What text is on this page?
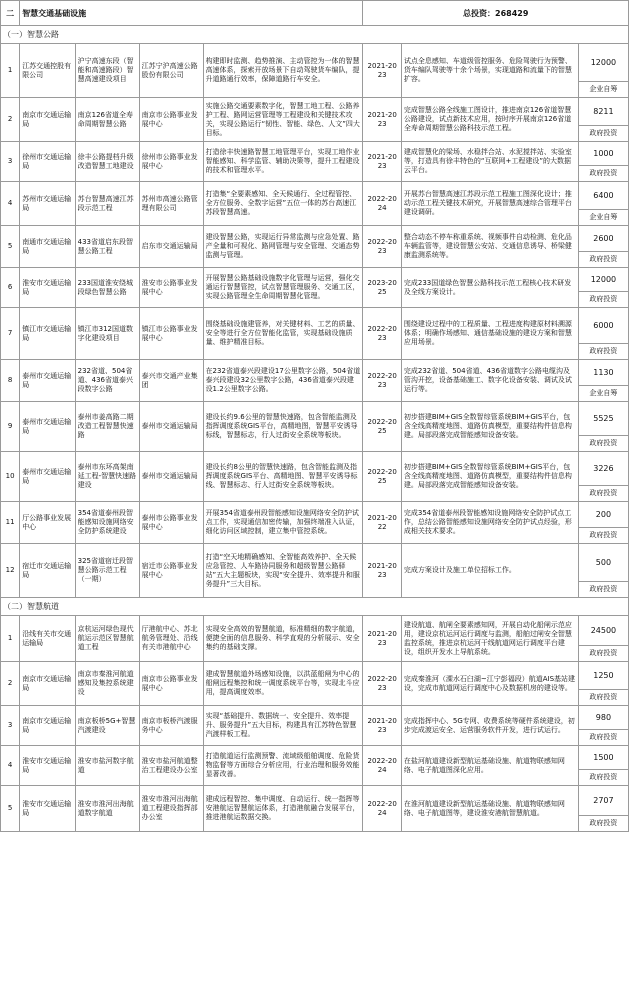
二	智慧交通基础设施				总投资：268429		
（一）智慧公路							
1	江苏交通控股有限公司	沪宁高速东段（智能和高速路段）智慧高速建设项目	江苏宁沪高速公路股份有限公司	构建即时监测、趋势推演、主动管控为一体的智慧高速体系，探索开放场景下自动驾驶货车编队，提升道路通行效率，保障道路行车安全。	2021-2023	试点全息感知、车道级管控服务、危险驾驶行为预警、货车编队驾驶等十余个场景，实现道路和流量下的智慧扩容。	12000
企业自筹

2	南京市交通运输局	南京126省道全寿命周期智慧公路	南京市公路事业发展中心	实施公路交通要素数字化，智慧工地工程、公路养护工程、路网运营管理等工程建设和关键技术攻关，实现公路运行“韧性、智能、绿色、人文”四大目标。	2021-2023	完成智慧公路全线施工图设计，推进南京126省道智慧公路建设，试点新技术应用，按时序开展南京126省道全寿命周期智慧公路科技示范工程。	8211
政府投资

3	徐州市交通运输局	徐丰公路提档升级改造智慧工地建设	徐州市公路事业发展中心	打造徐丰快速路智慧工地管理平台，实现工地作业智能感知、科学监管、辅助决策等，提升工程建设的技术和管理水平。	2021-2023	建成智慧化的梁场、水稳拌合站、水泥搅拌站、实验室等，打造具有徐丰特色的“互联网+工程建设”的大数据云平台。	1000
政府投资

4	苏州市交通运输局	苏台智慧高速江苏段示范工程	苏州市高速公路管理有限公司	打造集“全要素感知、全天候通行、全过程管控、全方位服务、全数字运营”五位一体的苏台高速江苏段智慧高速。	2022-2024	开展苏台智慧高速江苏段示范工程施工图深化设计；推动示范工程关键技术研究，开展智慧高速综合管理平台建设调研。	6400
企业自筹

5	南通市交通运输局	433省道启东段智慧公路工程	启东市交通运输局	建设智慧公路，实现运行异常监测与应急处置、路产全量和可视化、路网管理与安全管理、交通态势监测与管理。	2022-2023	整合动态不停车称重系统、视频事件自动检测、危化品车辆监管等，建设智慧公安站、交通信息诱导、桥梁健康监测系统等。	2600
政府投资

6	淮安市交通运输局	233国道淮安绕城段绿色智慧公路	淮安市公路事业发展中心	开展智慧公路基础设施数字化管理与运营，强化交通运行智慧管控，试点智慧管理服务、交通工区，实现公路管理全生命周期智慧化管理。	2023-2025	完成233国道绿色智慧公路科技示范工程核心技术研发及全线方案设计。	12000
政府投资

7	镇江市交通运输局	镇江市312国道数字化建设项目	镇江市公路事业发展中心	围绕基础设施建管养，对关键材料、工艺的质量、安全等进行全方位智能化监管，实现基础设施质量、维护精准目标。	2022-2023	围绕建设过程中的工程质量、工程进度构建原材料溯源体系；明确作场感知、通信基础设施的建设方案和智慧应用场景。	6000
政府投资

8	泰州市交通运输局	232省道、504省道、436省道泰兴段数字公路	泰兴市交通产业集团	在232省道泰兴段建设17公里数字公路，504省道泰兴段建设32公里数字公路，436省道泰兴段建设1.2公里数字公路。	2022-2023	完成232省道、504省道、436省道数字公路电缆沟及管沟开挖，设备基础施工、数字化设备安装、调试及试运行等。	1130
企业自筹

9	泰州市交通运输局	泰州市姜高路二期改造工程智慧快速路	泰州市交通运输局	建设长约9.6公里的智慧快速路，包含智能监测及指挥调度系统GIS平台，高精地图，智慧平安诱导标线，智慧标志，行人过街安全系统等板块。	2022-2025	初步搭建BIM+GIS全数智综管系统BIM+GIS平台，包含全线高精度地图、道路仿真模型，重要结构件信息构建。局部段落完成智能感知设备安装。	5525
政府投资

10	泰州市交通运输局	泰州市东环高架南延工程-智慧快速路建设	泰州市交通运输局	建设长约8公里的智慧快速路，包含智能监测及指挥调度系统GIS平台、高精地图、智慧平安诱导标线、智慧标志、行人过街安全系统等板块。	2022-2025	初步搭建BIM+GIS全数智综管系统BIM+GIS平台，包含全线高精度地图、道路仿真模型，重要结构件信息构建。局部段落完成智能感知设备安装。	3226
政府投资

11	厅公路事业发展中心	354省道泰州段智能感知设施网络安全防护系统建设	泰州市公路事业发展中心	开展354省道泰州段智能感知设施网络安全防护试点工作，实现通信加密传输，加强终端准入认证，细化访问区域控制，建立集中管控系统。	2021-2022	完成354省道泰州段智能感知设施网络安全防护试点工作，总结公路智能感知设施网络安全防护试点经验，形成相关技术要求。	200
政府投资

12	宿迁市交通运输局	325省道宿迁段智慧公路示范工程（一期）	宿迁市公路事业发展中心	打造“空天地精确感知、全智能高效养护、全天候应急管控、人车路协同服务和超级智慧公路驿站”五大主题板块，实现“安全提升、效率提升和服务提升”三大目标。	2021-2023	完成方案设计及施工单位招标工作。	500
政府投资

（二）智慧航道							
1	沿线有关市交通运输局	京杭运河绿色现代航运示范区智慧航道工程	厅港航中心、苏北航务管理处、沿线有关市港航中心	实现安全高效的智慧航道，标准精细的数字航道，便捷全面的信息服务、科学直观的分析展示、安全集约的基础支撑。	2021-2023	建设航道、航闸全要素感知网，开展自动化船闸示范应用，建设京杭运河运行调度与监测，船舶过闸安全智慧监控系统，推进京杭运河干线航道网运行调度平台建设，组织开发水上导航系统。	24500
政府投资

2	南京市交通运输局	南京市秦淮河航道感知及集控系统建设	南京市公路事业发展中心	建成智慧航道外场感知设施，以洪蓝船闸为中心的船闸远程集控和统一调度系统平台等，实现北斗应用，提高调度效率。	2022-2023	完成秦淮河（溧水石臼湖~江宁彭福段）航道AIS基站建设，完成市航道网运行调度中心及数据机房的建设等。	1250
政府投资

3	南京市交通运输局	南京板桥5G+智慧汽渡建设	南京市板桥汽渡服务中心	实现“基础提升、数据统一、安全提升、效率提升、服务提升”五大目标，构建具有江苏特色智慧汽渡样板工程。	2021-2023	完成指挥中心、5G专网、收费系统等硬件系统建设，初步完成渡运安全、运营服务软件开发，进行试运行。	980
政府投资

4	淮安市交通运输局	淮安市盐河数字航道	淮安市盐河航道整治工程建设办公室	打造航道运行监测预警、流域级船舶调度、危险货物监督等方面综合分析应用，行业治理和服务效能显著改善。	2022-2024	在盐河航道建设新型航运基础设施、航道物联感知网络、电子航道图深化应用。	1500
政府投资

5	淮安市交通运输局	淮安市淮河出海航道数字航道	淮安市淮河出海航道工程建设指挥部办公室	建成远程智控、集中调度、自动运行、统一指挥等安港航运智慧航运体系，打造港航融合发展平台，推进港航运数据交换。	2022-2024	在淮河航道建设新型航运基础设施、航道物联感知网络、电子航道图等，建设淮安港航智慧航道。	2707
政府投资
